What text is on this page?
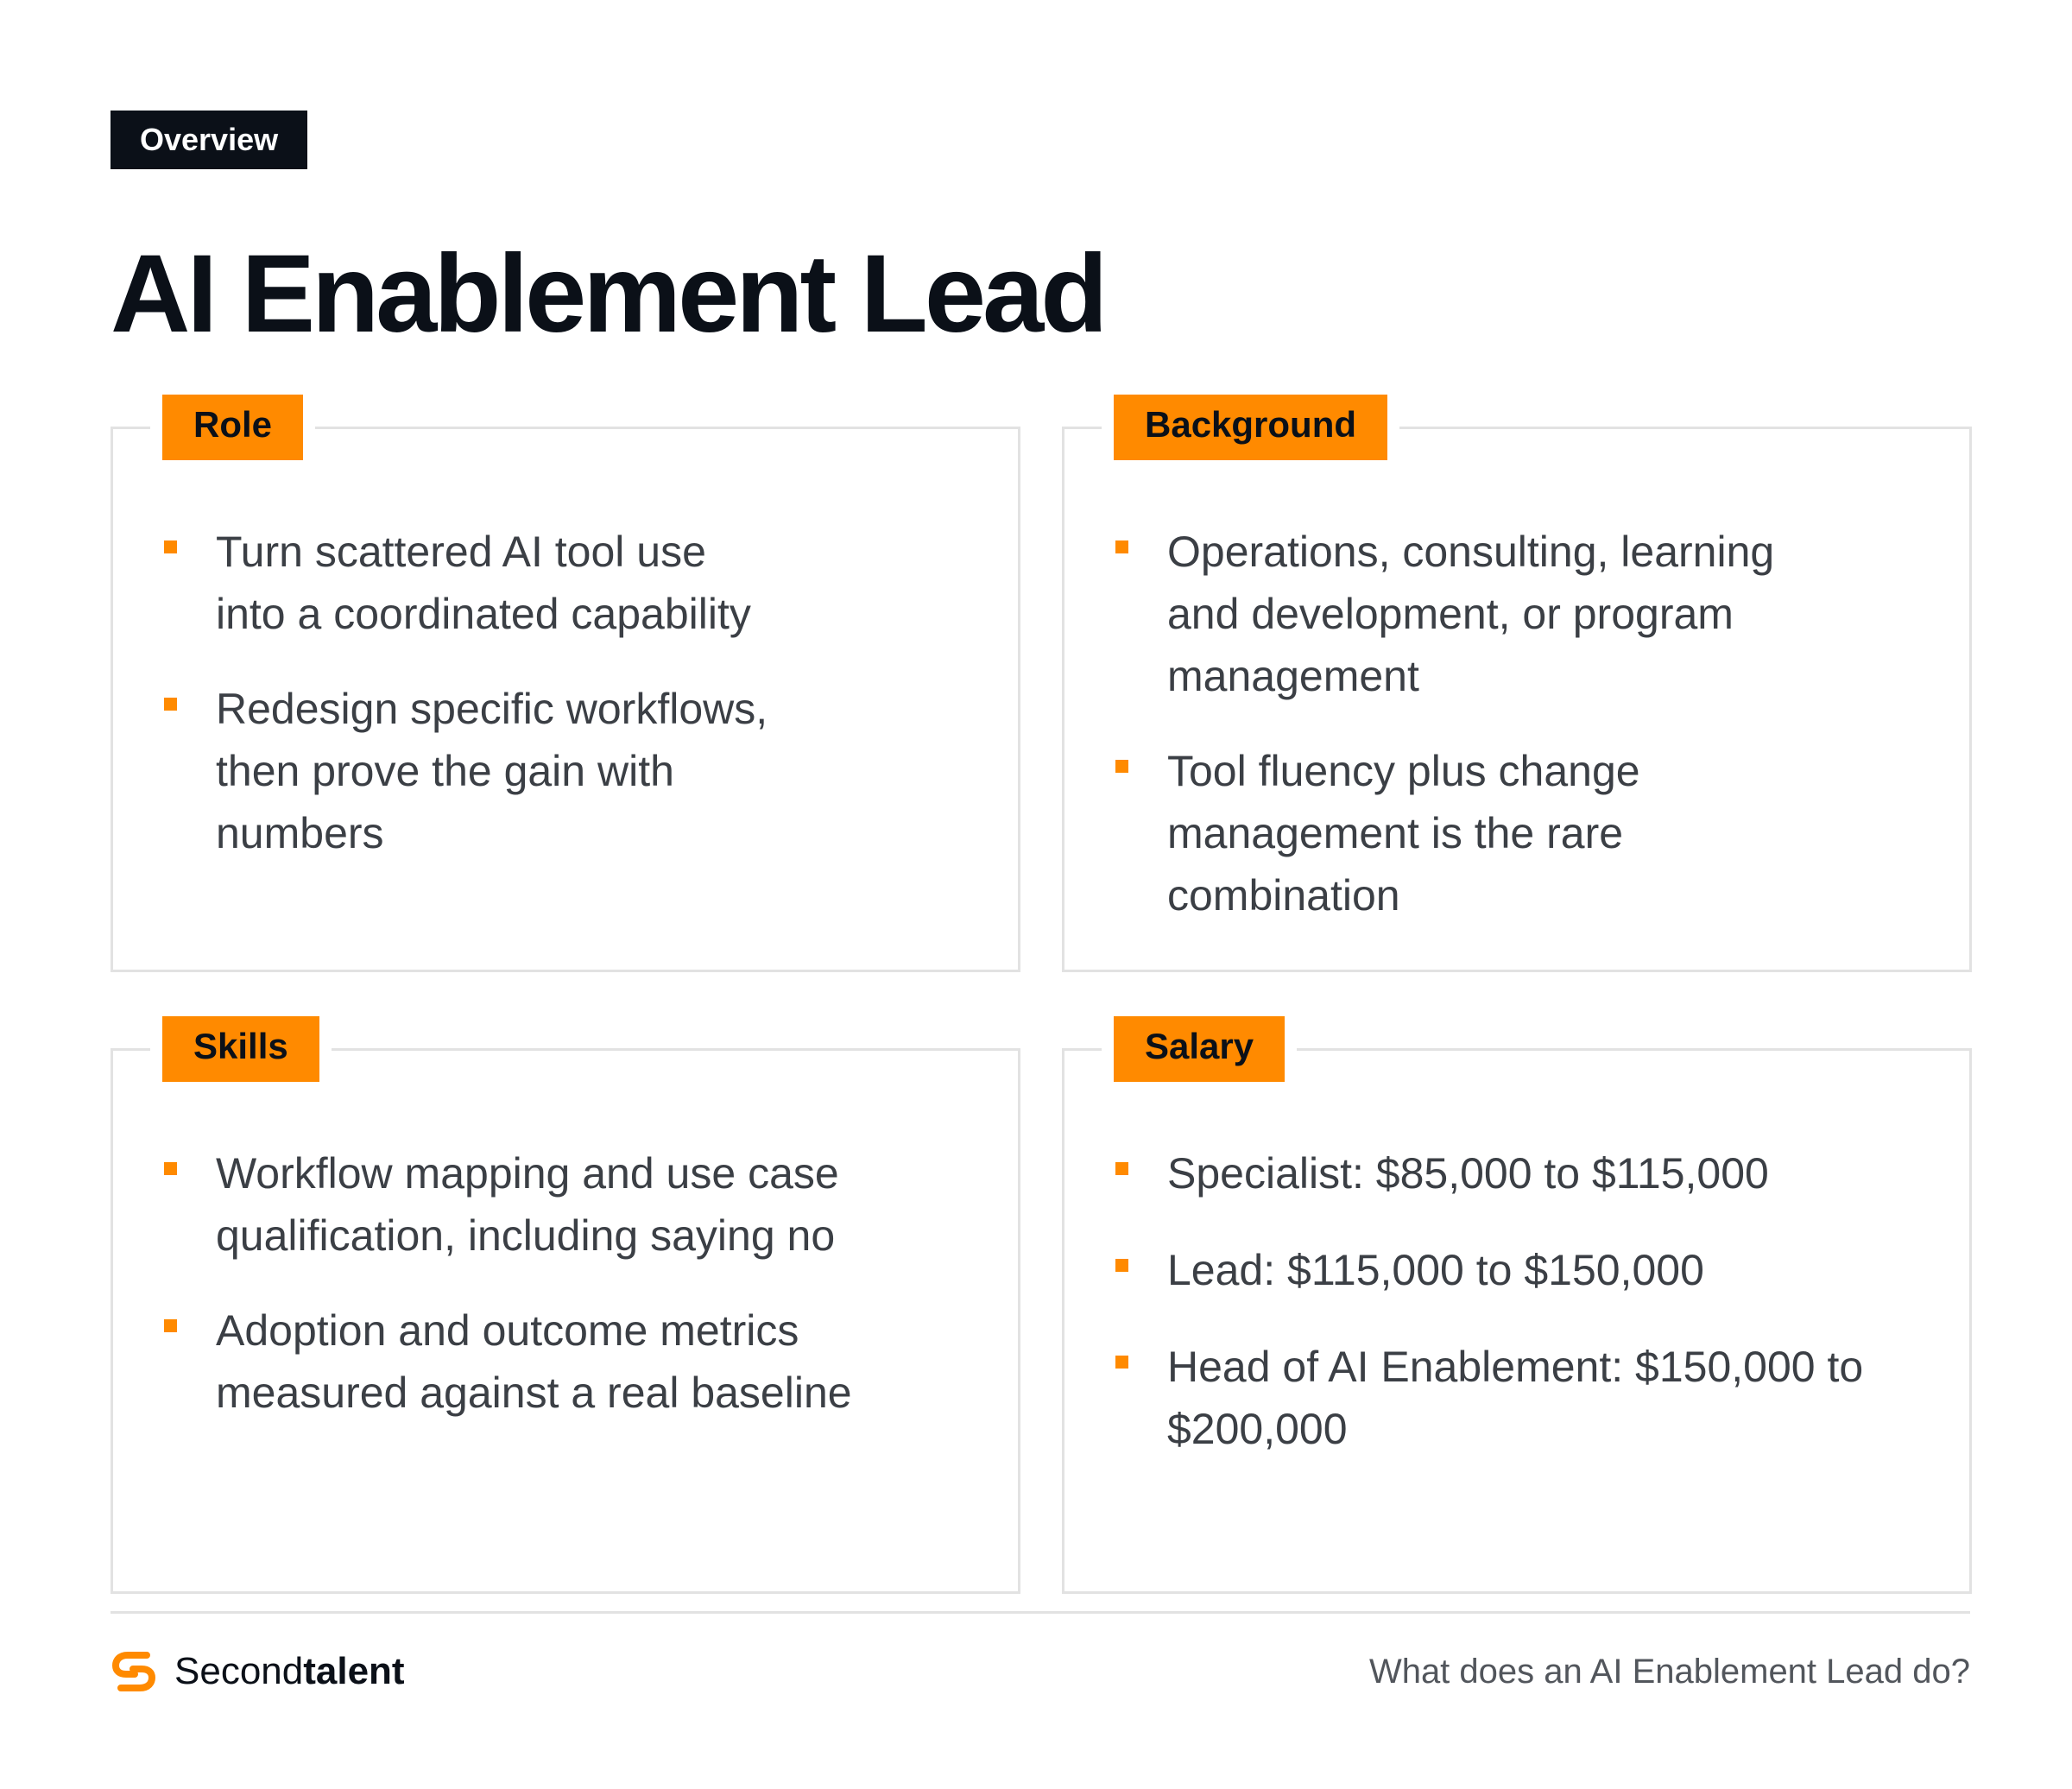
Overview
AI Enablement Lead
Role
Turn scattered AI tool use into a coordinated capability
Redesign specific workflows, then prove the gain with numbers
Background
Operations, consulting, learning and development, or program management
Tool fluency plus change management is the rare combination
Skills
Workflow mapping and use case qualification, including saying no
Adoption and outcome metrics measured against a real baseline
Salary
Specialist: $85,000 to $115,000
Lead: $115,000 to $150,000
Head of AI Enablement: $150,000 to $200,000
Secondtalent	What does an AI Enablement Lead do?
